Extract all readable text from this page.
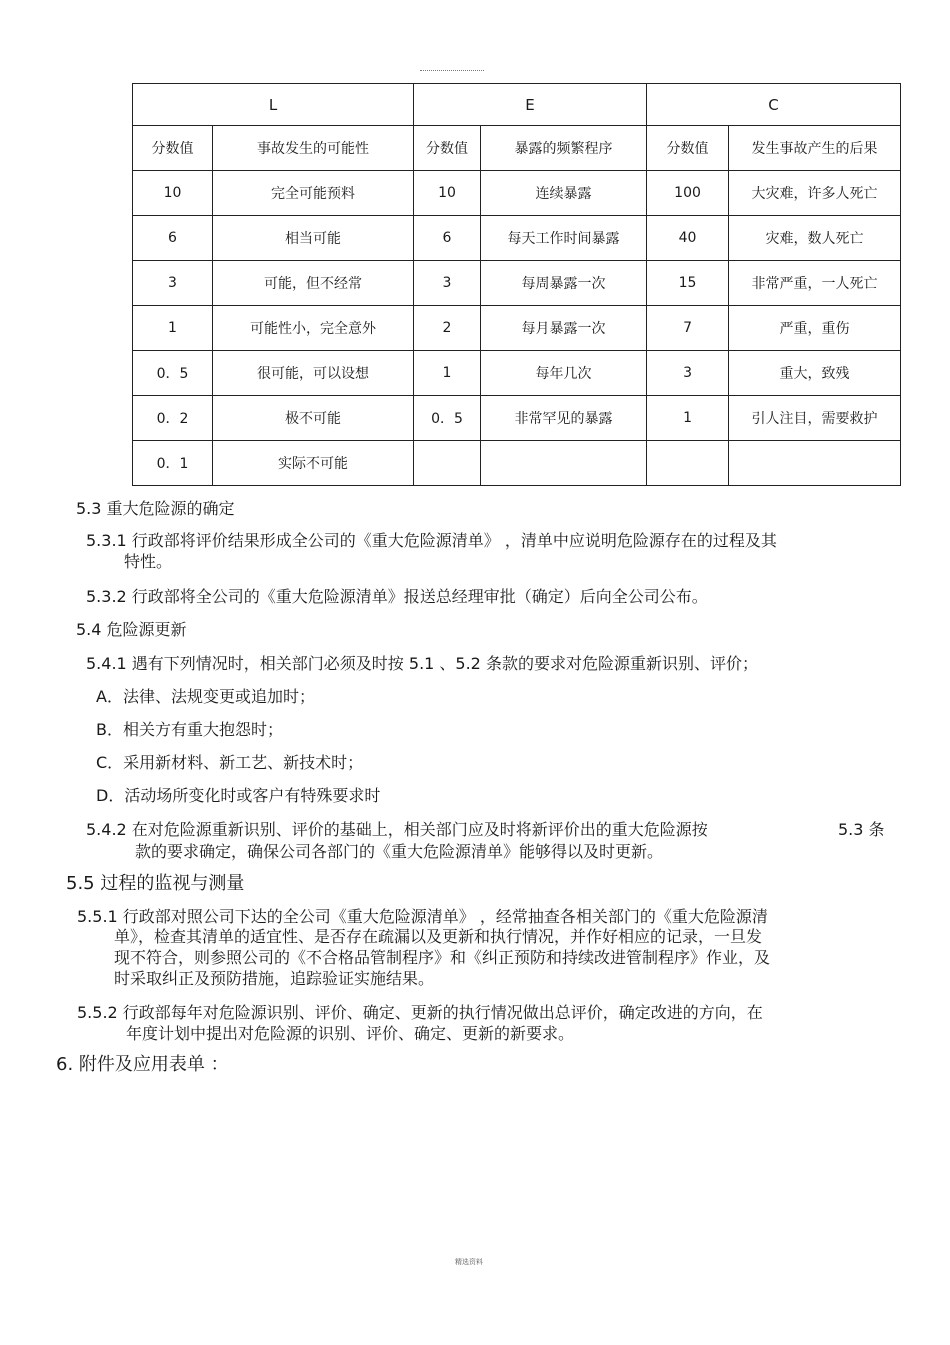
L		E		C	
分数值	事故发生的可能性	分数值	暴露的频繁程序	分数值	发生事故产生的后果
10	完全可能预料	10	连续暴露	100	大灾难，许多人死亡
6	相当可能	6	每天工作时间暴露	40	灾难，数人死亡
3	可能，但不经常	3	每周暴露一次	15	非常严重，一人死亡
1	可能性小，完全意外	2	每月暴露一次	7	严重，重伤
0．5	很可能，可以设想	1	每年几次	3	重大，致残
0．2	极不可能	0．5	非常罕见的暴露	1	引人注目，需要救护
0．1	实际不可能				
5.3 重大危险源的确定
5.3.1 行政部将评价结果形成全公司的《重大危险源清单》 ，清单中应说明危险源存在的过程及其
特性。
5.3.2 行政部将全公司的《重大危险源清单》报送总经理审批（确定）后向全公司公布。
5.4 危险源更新
5.4.1 遇有下列情况时，相关部门必须及时按 5.1 、5.2 条款的要求对危险源重新识别、评价；
A．法律、法规变更或追加时；
B．相关方有重大抱怨时；
C．采用新材料、新工艺、新技术时；
D．活动场所变化时或客户有特殊要求时
5.4.2 在对危险源重新识别、评价的基础上，相关部门应及时将新评价出的重大危险源按	5.3 条
款的要求确定，确保公司各部门的《重大危险源清单》能够得以及时更新。
5.5 过程的监视与测量
5.5.1 行政部对照公司下达的全公司《重大危险源清单》 ，经常抽查各相关部门的《重大危险源清
单》，检查其清单的适宜性、是否存在疏漏以及更新和执行情况，并作好相应的记录，一旦发
现不符合，则参照公司的《不合格品管制程序》和《纠正预防和持续改进管制程序》作业，及
时采取纠正及预防措施，追踪验证实施结果。
5.5.2 行政部每年对危险源识别、评价、确定、更新的执行情况做出总评价，确定改进的方向，在
年度计划中提出对危险源的识别、评价、确定、更新的新要求。
6. 附件及应用表单 ：
精选资料
